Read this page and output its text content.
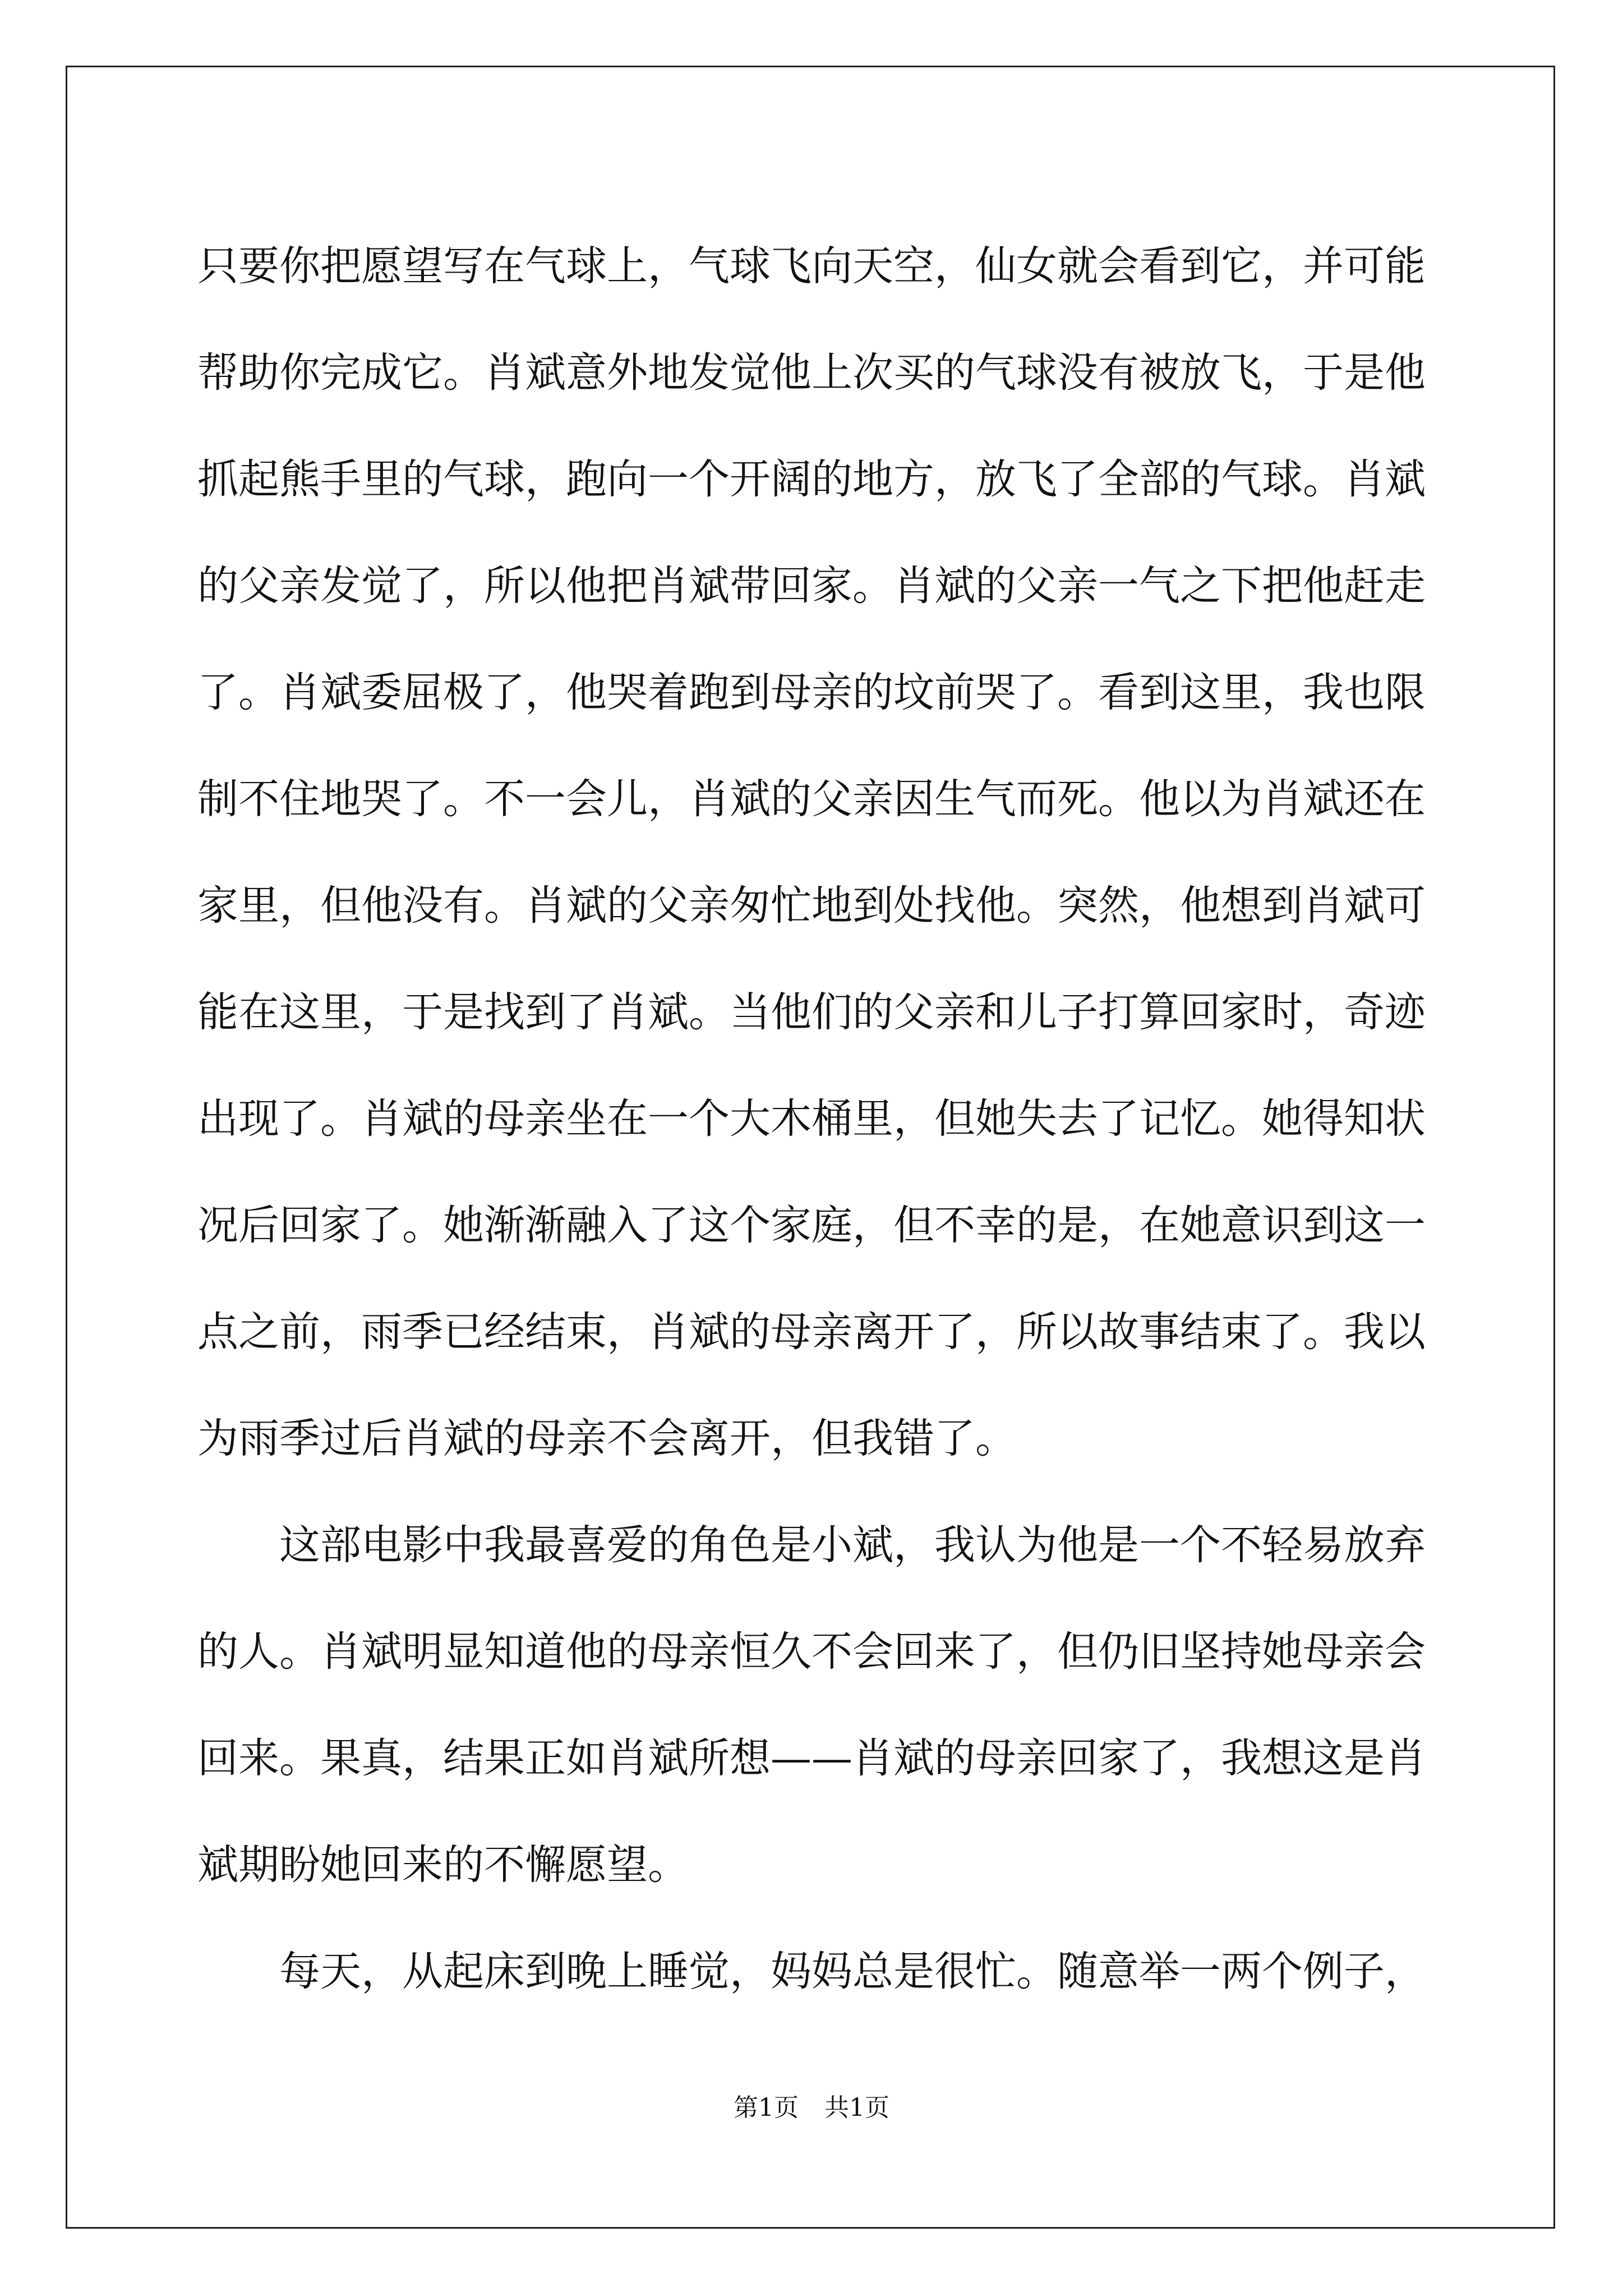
只要你把愿望写在气球上，气球飞向天空，仙女就会看到它，并可能
帮助你完成它。肖斌意外地发觉他上次买的气球没有被放飞，于是他
抓起熊手里的气球，跑向一个开阔的地方，放飞了全部的气球。肖斌
的父亲发觉了，所以他把肖斌带回家。肖斌的父亲一气之下把他赶走
了。肖斌委屈极了，他哭着跑到母亲的坟前哭了。看到这里，我也限
制不住地哭了。不一会儿，肖斌的父亲因生气而死。他以为肖斌还在
家里，但他没有。肖斌的父亲匆忙地到处找他。突然，他想到肖斌可
能在这里，于是找到了肖斌。当他们的父亲和儿子打算回家时，奇迹
出现了。肖斌的母亲坐在一个大木桶里，但她失去了记忆。她得知状
况后回家了。她渐渐融入了这个家庭，但不幸的是，在她意识到这一
点之前，雨季已经结束，肖斌的母亲离开了，所以故事结束了。我以
为雨季过后肖斌的母亲不会离开，但我错了。
这部电影中我最喜爱的角色是小斌，我认为他是一个不轻易放弃
的人。肖斌明显知道他的母亲恒久不会回来了，但仍旧坚持她母亲会
回来。果真，结果正如肖斌所想——肖斌的母亲回家了，我想这是肖
斌期盼她回来的不懈愿望。
每天，从起床到晚上睡觉，妈妈总是很忙。随意举一两个例子，
第1页 共1页
